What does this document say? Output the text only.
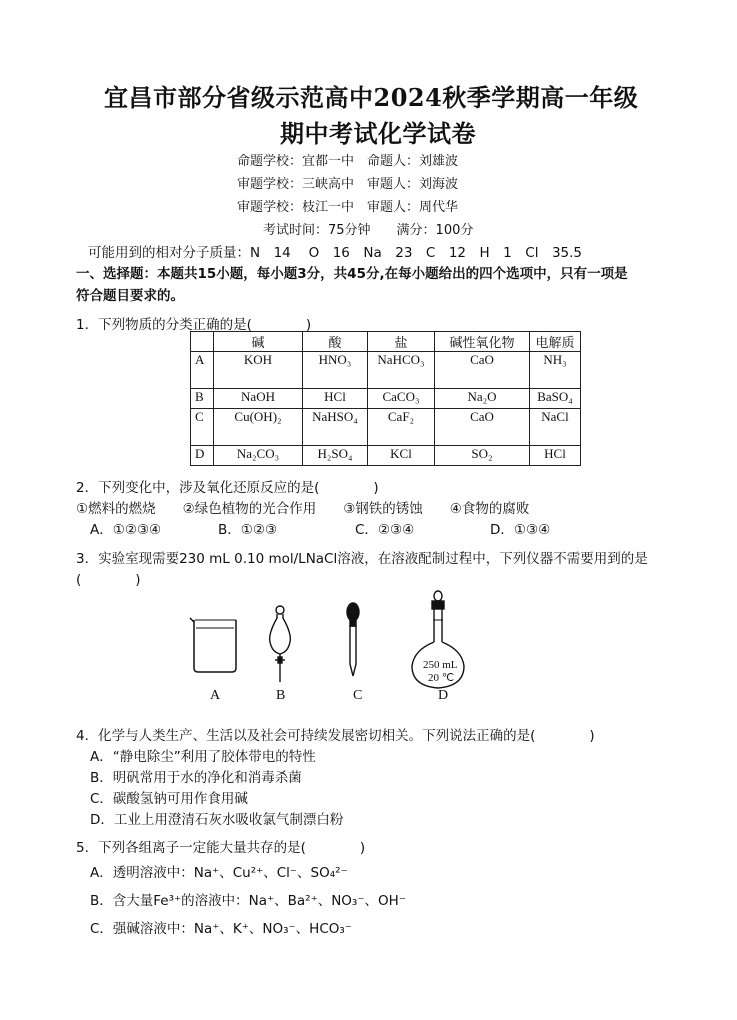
宜昌市部分省级示范高中2024秋季学期高一年级
期中考试化学试卷
命题学校：宜都一中　命题人：刘雄波
审题学校：三峡高中　审题人：刘海波
审题学校：枝江一中　审题人：周代华
考试时间：75分钟　　满分：100分
可能用到的相对分子质量：N　14　 O　16　Na　23　C　12　H　1　Cl　35.5
一、选择题：本题共15小题，每小题3分，共45分,在每小题给出的四个选项中，只有一项是
符合题目要求的。
1．下列物质的分类正确的是(　　　　)
	碱	酸	盐	碱性氧化物	电解质
A	KOH	HNO₃	NaHCO₃	CaO	NH₃
B	NaOH	HCl	CaCO₃	Na₂O	BaSO₄
C	Cu(OH)₂	NaHSO₄	CaF₂	CaO	NaCl
D	Na₂CO₃	H₂SO₄	KCl	SO₂	HCl
2．下列变化中，涉及氧化还原反应的是(　　　　)
①燃料的燃烧　　②绿色植物的光合作用　　③钢铁的锈蚀　　④食物的腐败
A．①②③④	B．①②③	C．②③④	D．①③④
3．实验室现需要230 mL 0.10 mol/LNaCl溶液，在溶液配制过程中，下列仪器不需要用到的是
(　　　　)
250 mL
20 ℃
A	B	C	D
4．化学与人类生产、生活以及社会可持续发展密切相关。下列说法正确的是(　　　　)
A．“静电除尘”利用了胶体带电的特性
B．明矾常用于水的净化和消毒杀菌
C．碳酸氢钠可用作食用碱
D．工业上用澄清石灰水吸收氯气制漂白粉
5．下列各组离子一定能大量共存的是(　　　　)
A．透明溶液中：Na⁺、Cu²⁺、Cl⁻、SO₄²⁻
B．含大量Fe³⁺的溶液中：Na⁺、Ba²⁺、NO₃⁻、OH⁻
C．强碱溶液中：Na⁺、K⁺、NO₃⁻、HCO₃⁻
